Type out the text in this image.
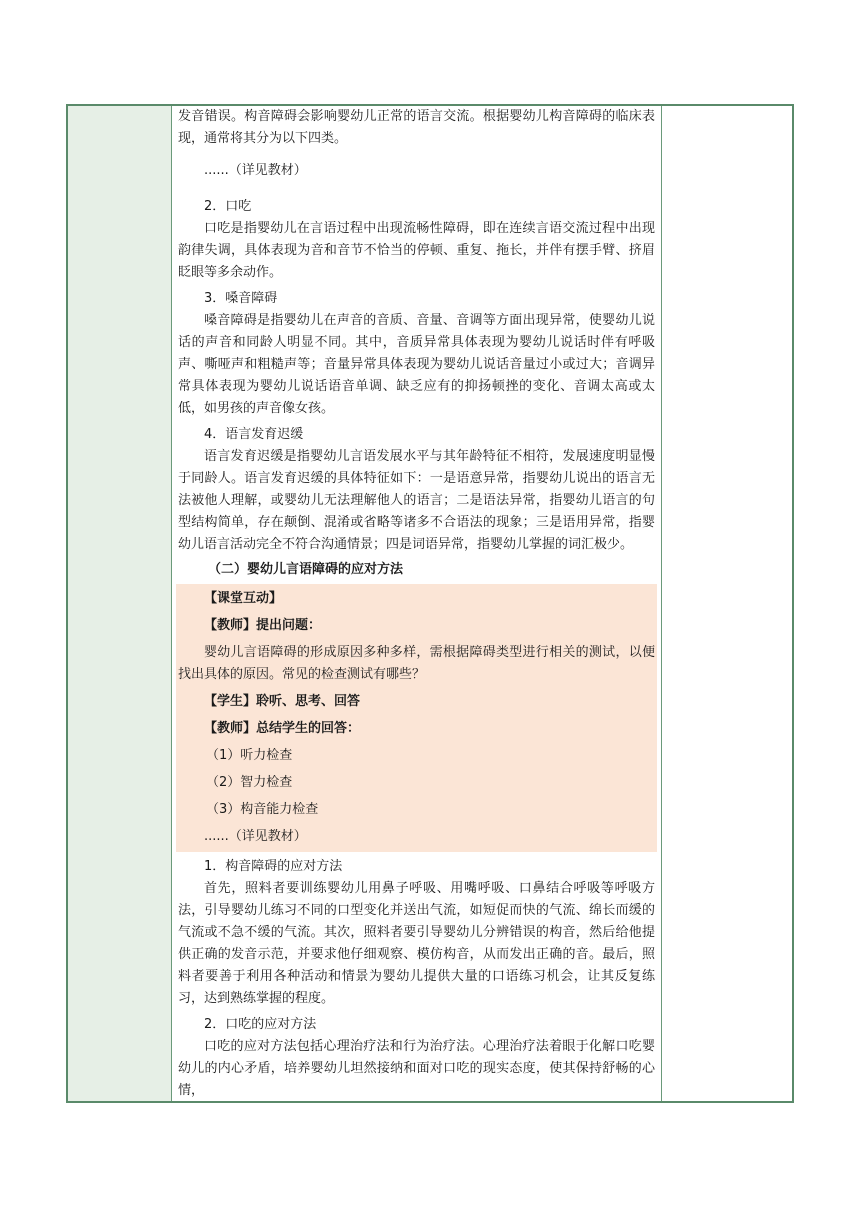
发音错误。构音障碍会影响婴幼儿正常的语言交流。根据婴幼儿构音障碍的临床表现，通常将其分为以下四类。

......（详见教材）

2．口吃

口吃是指婴幼儿在言语过程中出现流畅性障碍，即在连续言语交流过程中出现韵律失调，具体表现为音和音节不恰当的停顿、重复、拖长，并伴有摆手臂、挤眉眨眼等多余动作。

3．嗓音障碍

嗓音障碍是指婴幼儿在声音的音质、音量、音调等方面出现异常，使婴幼儿说话的声音和同龄人明显不同。其中，音质异常具体表现为婴幼儿说话时伴有呼吸声、嘶哑声和粗糙声等；音量异常具体表现为婴幼儿说话音量过小或过大；音调异常具体表现为婴幼儿说话语音单调、缺乏应有的抑扬顿挫的变化、音调太高或太低，如男孩的声音像女孩。

4．语言发育迟缓

语言发育迟缓是指婴幼儿言语发展水平与其年龄特征不相符，发展速度明显慢于同龄人。语言发育迟缓的具体特征如下：一是语意异常，指婴幼儿说出的语言无法被他人理解，或婴幼儿无法理解他人的语言；二是语法异常，指婴幼儿语言的句型结构简单，存在颠倒、混淆或省略等诸多不合语法的现象；三是语用异常，指婴幼儿语言活动完全不符合沟通情景；四是词语异常，指婴幼儿掌握的词汇极少。

（二）婴幼儿言语障碍的应对方法

【课堂互动】

【教师】提出问题：

婴幼儿言语障碍的形成原因多种多样，需根据障碍类型进行相关的测试，以便找出具体的原因。常见的检查测试有哪些？

【学生】聆听、思考、回答

【教师】总结学生的回答：

（1）听力检查

（2）智力检查

（3）构音能力检查

......（详见教材）

1．构音障碍的应对方法

首先，照料者要训练婴幼儿用鼻子呼吸、用嘴呼吸、口鼻结合呼吸等呼吸方法，引导婴幼儿练习不同的口型变化并送出气流，如短促而快的气流、绵长而缓的气流或不急不缓的气流。其次，照料者要引导婴幼儿分辨错误的构音，然后给他提供正确的发音示范，并要求他仔细观察、模仿构音，从而发出正确的音。最后，照料者要善于利用各种活动和情景为婴幼儿提供大量的口语练习机会，让其反复练习，达到熟练掌握的程度。

2．口吃的应对方法

口吃的应对方法包括心理治疗法和行为治疗法。心理治疗法着眼于化解口吃婴幼儿的内心矛盾，培养婴幼儿坦然接纳和面对口吃的现实态度，使其保持舒畅的心情，
